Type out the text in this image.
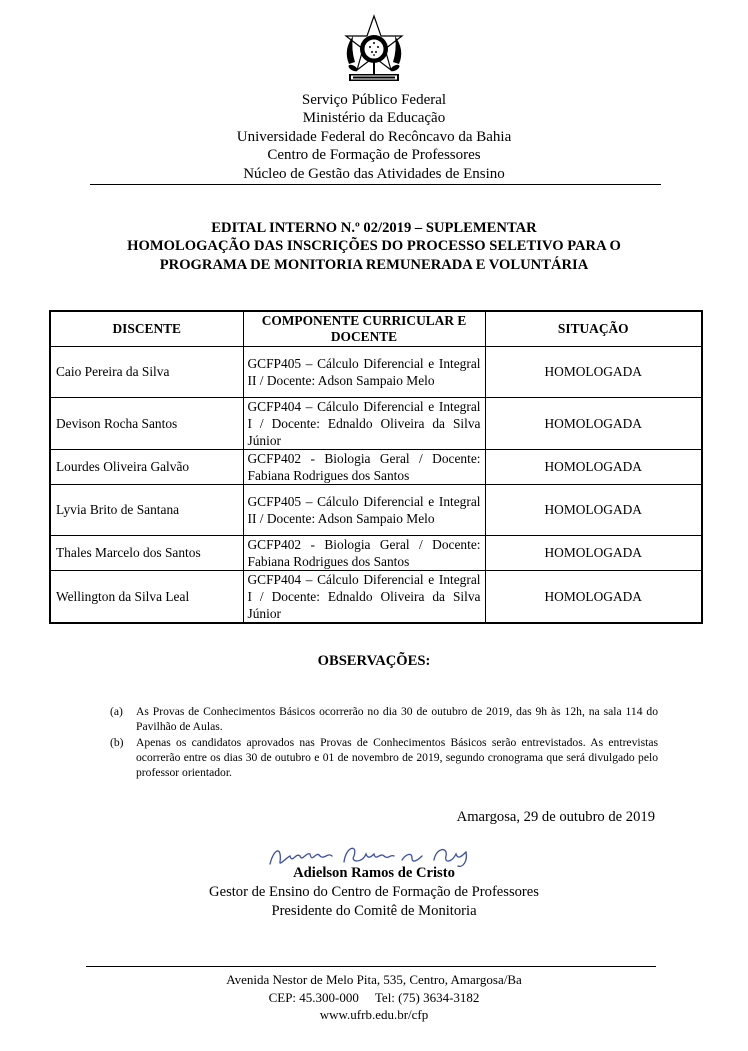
Serviço Público Federal
Ministério da Educação
Universidade Federal do Recôncavo da Bahia
Centro de Formação de Professores
Núcleo de Gestão das Atividades de Ensino
EDITAL INTERNO N.º 02/2019 – SUPLEMENTAR
HOMOLOGAÇÃO DAS INSCRIÇÕES DO PROCESSO SELETIVO PARA O
PROGRAMA DE MONITORIA REMUNERADA E VOLUNTÁRIA
DISCENTE	COMPONENTE CURRICULAR E DOCENTE	SITUAÇÃO
Caio Pereira da Silva	GCFP405 – Cálculo Diferencial e Integral II / Docente: Adson Sampaio Melo	HOMOLOGADA
Devison Rocha Santos	GCFP404 – Cálculo Diferencial e Integral I / Docente: Ednaldo Oliveira da Silva Júnior	HOMOLOGADA
Lourdes Oliveira Galvão	GCFP402 - Biologia Geral / Docente: Fabiana Rodrigues dos Santos	HOMOLOGADA
Lyvia Brito de Santana	GCFP405 – Cálculo Diferencial e Integral II / Docente: Adson Sampaio Melo	HOMOLOGADA
Thales Marcelo dos Santos	GCFP402 - Biologia Geral / Docente: Fabiana Rodrigues dos Santos	HOMOLOGADA
Wellington da Silva Leal	GCFP404 – Cálculo Diferencial e Integral I / Docente: Ednaldo Oliveira da Silva Júnior	HOMOLOGADA
OBSERVAÇÕES:
(a) As Provas de Conhecimentos Básicos ocorrerão no dia 30 de outubro de 2019, das 9h às 12h, na sala 114 do Pavilhão de Aulas.
(b) Apenas os candidatos aprovados nas Provas de Conhecimentos Básicos serão entrevistados. As entrevistas ocorrerão entre os dias 30 de outubro e 01 de novembro de 2019, segundo cronograma que será divulgado pelo professor orientador.
Amargosa, 29 de outubro de 2019
Adielson Ramos de Cristo
Gestor de Ensino do Centro de Formação de Professores
Presidente do Comitê de Monitoria
Avenida Nestor de Melo Pita, 535, Centro, Amargosa/Ba
CEP: 45.300-000     Tel: (75) 3634-3182
www.ufrb.edu.br/cfp
